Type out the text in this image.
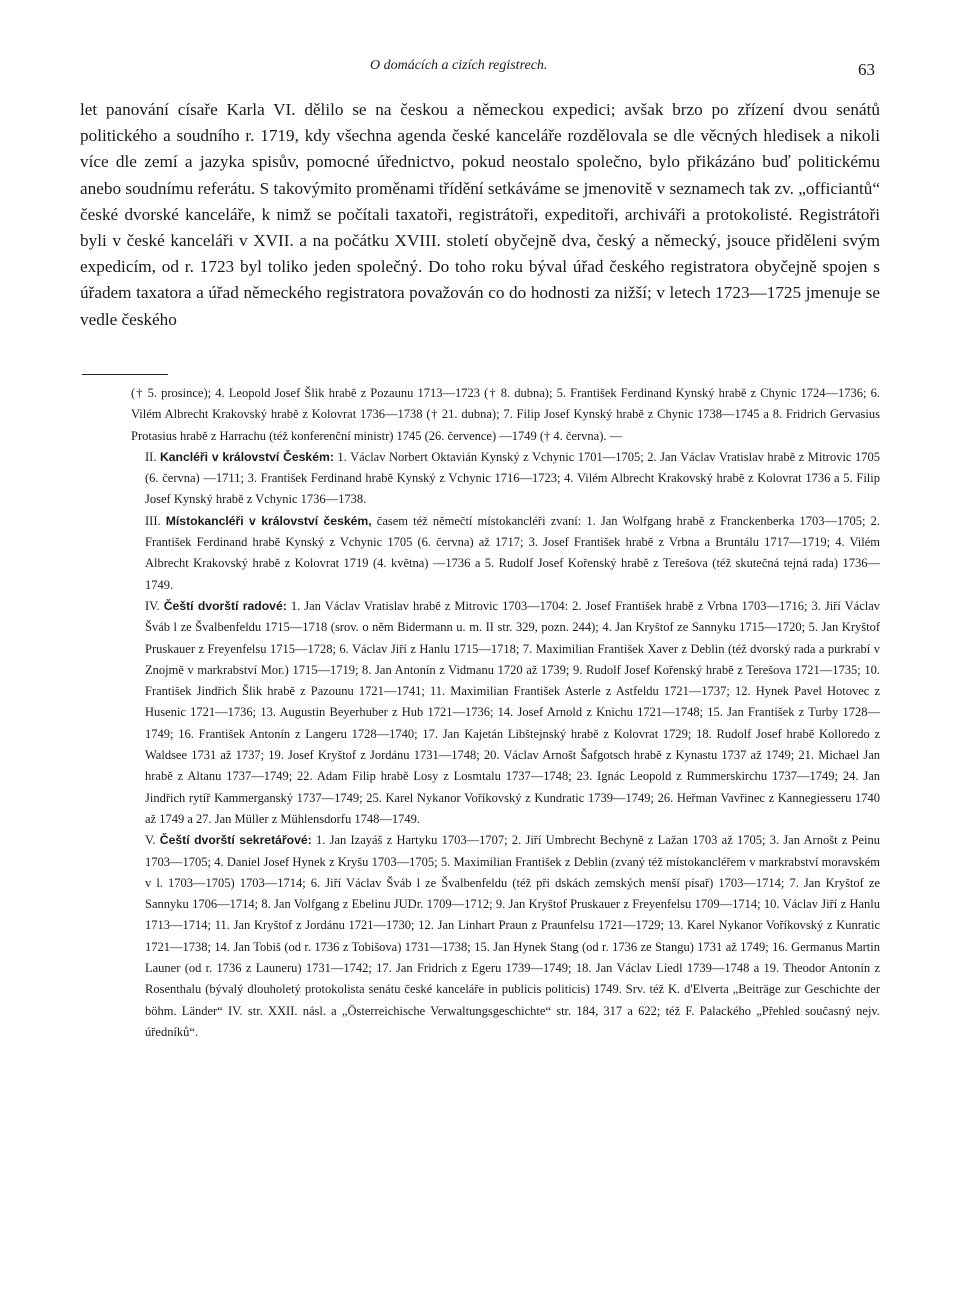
O domácích a cizích registrech.	63

let panování císaře Karla VI. dělilo se na českou a německou expedici; avšak brzo po zřízení dvou senátů politického a soudního r. 1719, kdy všechna agenda české kanceláře rozdělovala se dle věcných hledisek a nikoli více dle zemí a jazyka spisův, pomocné úřednictvo, pokud neostalo společno, bylo přikázáno buď politickému anebo soudnímu referátu. S takovýmito proměnami třídění setkáváme se jmenovitě v seznamech tak zv. „officiantů“ české dvorské kanceláře, k nimž se počítali taxatoři, registrátoři, expeditoři, archiváři a protokolisté. Registrátoři byli v české kanceláři v XVII. a na počátku XVIII. století obyčejně dva, český a německý, jsouce přiděleni svým expedicím, od r. 1723 byl toliko jeden společný. Do toho roku býval úřad českého registratora obyčejně spojen s úřadem taxatora a úřad německého registratora považován co do hodnosti za nižší; v letech 1723—1725 jmenuje se vedle českého

(† 5. prosince); 4. Leopold Josef Šlik hrabě z Pozaunu 1713—1723 († 8. dubna); 5. František Ferdinand Kynský hrabě z Chynic 1724—1736; 6. Vilém Albrecht Krakovský hrabě z Kolovrat 1736—1738 († 21. dubna); 7. Filip Josef Kynský hrabě z Chynic 1738—1745 a 8. Fridrich Gervasius Protasius hrabě z Harrachu (též konferenční ministr) 1745 (26. července) —1749 († 4. června). —

II. Kancléři v království Českém: 1. Václav Norbert Oktavián Kynský z Vchynic 1701—1705; 2. Jan Václav Vratislav hrabě z Mitrovic 1705 (6. června) —1711; 3. František Ferdinand hrabě Kynský z Vchynic 1716—1723; 4. Vilém Albrecht Krakovský hrabě z Kolovrat 1736 a 5. Filip Josef Kynský hrabě z Vchynic 1736—1738.

III. Místokancléři v království českém, časem též němečtí místokancléři zvaní: 1. Jan Wolfgang hrabě z Franckenberka 1703—1705; 2. František Ferdinand hrabě Kynský z Vchynic 1705 (6. června) až 1717; 3. Josef František hrabě z Vrbna a Bruntálu 1717—1719; 4. Vilém Albrecht Krakovský hrabě z Kolovrat 1719 (4. května) —1736 a 5. Rudolf Josef Kořenský hrabě z Terešova (též skutečná tejná rada) 1736—1749.

IV. Čeští dvorští radové: 1. Jan Václav Vratislav hrabě z Mitrovic 1703—1704: 2. Josef František hrabě z Vrbna 1703—1716; 3. Jiří Václav Šváb l ze Švalbenfeldu 1715—1718 (srov. o něm Bidermann u. m. II str. 329, pozn. 244); 4. Jan Kryštof ze Sannyku 1715—1720; 5. Jan Kryštof Pruskauer z Freyenfelsu 1715—1728; 6. Václav Jiří z Hanlu 1715—1718; 7. Maximilian František Xaver z Deblin (též dvorský rada a purkrabí v Znojmě v markrabství Mor.) 1715—1719; 8. Jan Antonín z Vidmanu 1720 až 1739; 9. Rudolf Josef Kořenský hrabě z Terešova 1721—1735; 10. František Jindřich Šlik hrabě z Pazounu 1721—1741; 11. Maximilian František Asterle z Astfeldu 1721—1737; 12. Hynek Pavel Hotovec z Husenic 1721—1736; 13. Augustin Beyerhuber z Hub 1721—1736; 14. Josef Arnold z Knichu 1721—1748; 15. Jan František z Turby 1728—1749; 16. František Antonín z Langeru 1728—1740; 17. Jan Kajetán Libštejnský hrabě z Kolovrat 1729; 18. Rudolf Josef hrabě Kolloredo z Waldsee 1731 až 1737; 19. Josef Kryštof z Jordánu 1731—1748; 20. Václav Arnošt Šafgotsch hrabě z Kynastu 1737 až 1749; 21. Michael Jan hrabě z Altanu 1737—1749; 22. Adam Filip hrabě Losy z Losmtalu 1737—1748; 23. Ignác Leopold z Rummerskirchu 1737—1749; 24. Jan Jindřich rytíř Kammerganský 1737—1749; 25. Karel Nykanor Voříkovský z Kundratic 1739—1749; 26. Heřman Vavřinec z Kannegiesseru 1740 až 1749 a 27. Jan Müller z Mühlensdorfu 1748—1749.

V. Čeští dvorští sekretářové: 1. Jan Izayáš z Hartyku 1703—1707; 2. Jiří Umbrecht Bechyně z Lažan 1703 až 1705; 3. Jan Arnošt z Peinu 1703—1705; 4. Daniel Josef Hynek z Kryšu 1703—1705; 5. Maximilian František z Deblin (zvaný též místokancléřem v markrabství moravském v l. 1703—1705) 1703—1714; 6. Jiří Václav Šváb l ze Švalbenfeldu (též při dskách zemských menší písař) 1703—1714; 7. Jan Kryštof ze Sannyku 1706—1714; 8. Jan Volfgang z Ebelinu JUDr. 1709—1712; 9. Jan Kryštof Pruskauer z Freyenfelsu 1709—1714; 10. Václav Jiří z Hanlu 1713—1714; 11. Jan Kryštof z Jordánu 1721—1730; 12. Jan Linhart Praun z Praunfelsu 1721—1729; 13. Karel Nykanor Voříkovský z Kunratic 1721—1738; 14. Jan Tobiš (od r. 1736 z Tobišova) 1731—1738; 15. Jan Hynek Stang (od r. 1736 ze Stangu) 1731 až 1749; 16. Germanus Martin Launer (od r. 1736 z Launeru) 1731—1742; 17. Jan Fridrich z Egeru 1739—1749; 18. Jan Václav Liedl 1739—1748 a 19. Theodor Antonín z Rosenthalu (bývalý dlouholetý protokolista senátu české kanceláře in publicis politicis) 1749. Srv. též K. d'Elverta „Beiträge zur Geschichte der böhm. Länder“ IV. str. XXII. násl. a „Österreichische Verwaltungsgeschichte“ str. 184, 317 a 622; též F. Palackého „Přehled současný nejv. úředníků“.
